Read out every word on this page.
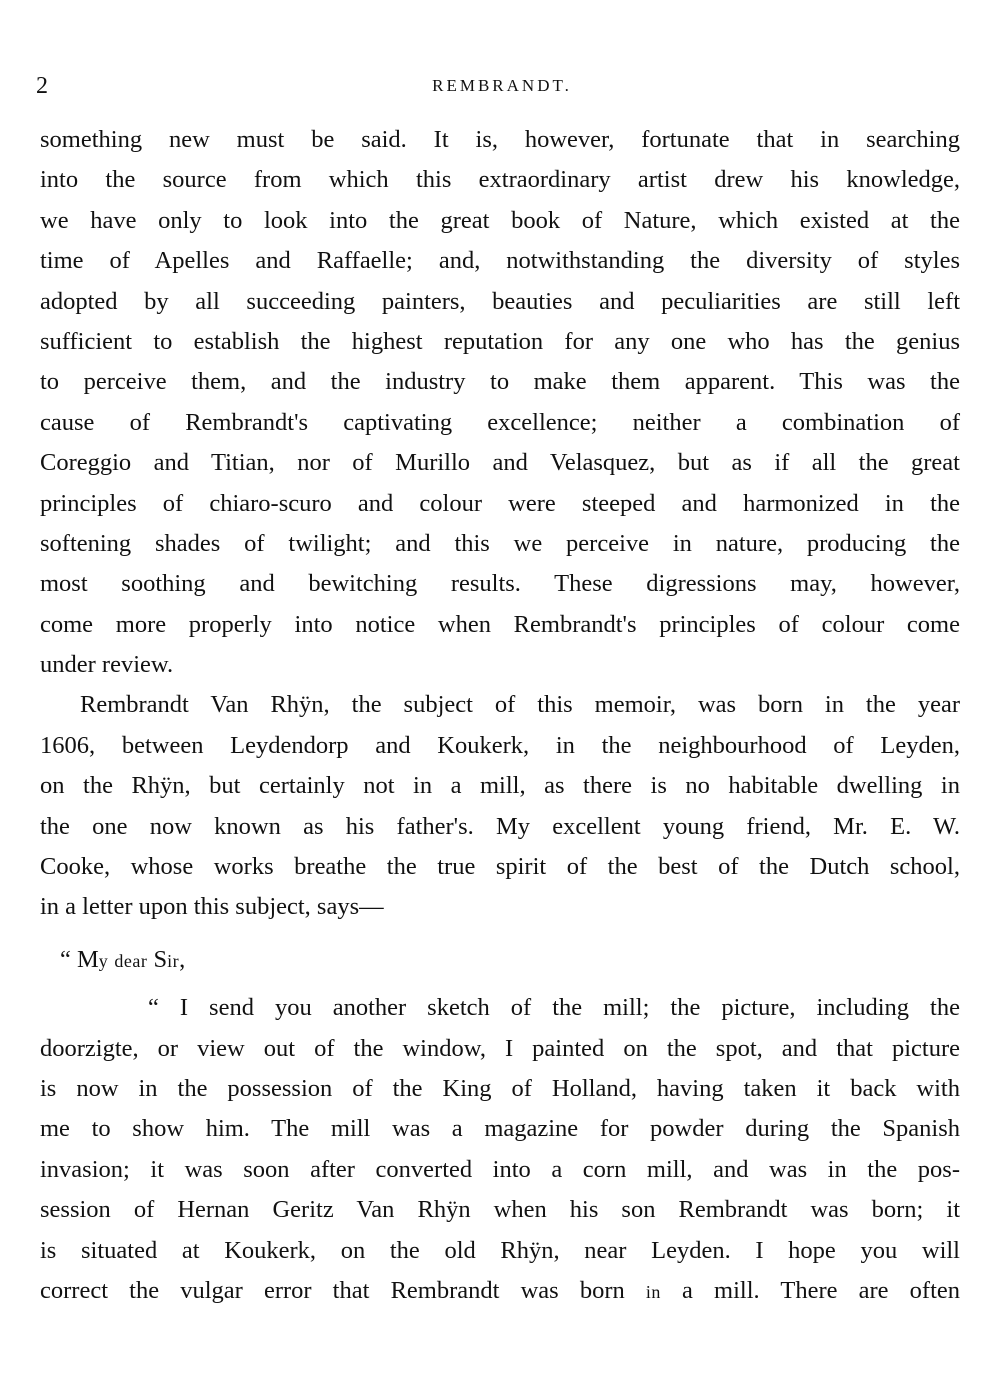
2	REMBRANDT.
something new must be said. It is, however, fortunate that in searching
into the source from which this extraordinary artist drew his knowledge,
we have only to look into the great book of Nature, which existed at the
time of Apelles and Raffaelle; and, notwithstanding the diversity of styles
adopted by all succeeding painters, beauties and peculiarities are still left
sufficient to establish the highest reputation for any one who has the genius
to perceive them, and the industry to make them apparent. This was the
cause of Rembrandt's captivating excellence; neither a combination of
Coreggio and Titian, nor of Murillo and Velasquez, but as if all the great
principles of chiaro-scuro and colour were steeped and harmonized in the
softening shades of twilight; and this we perceive in nature, producing the
most soothing and bewitching results. These digressions may, however,
come more properly into notice when Rembrandt's principles of colour come
under review.
Rembrandt Van Rhÿn, the subject of this memoir, was born in the year
1606, between Leydendorp and Koukerk, in the neighbourhood of Leyden,
on the Rhÿn, but certainly not in a mill, as there is no habitable dwelling in
the one now known as his father's. My excellent young friend, Mr. E. W.
Cooke, whose works breathe the true spirit of the best of the Dutch school,
in a letter upon this subject, says—
“ My dear Sir,
“ I send you another sketch of the mill; the picture, including the
doorzigte, or view out of the window, I painted on the spot, and that picture
is now in the possession of the King of Holland, having taken it back with
me to show him. The mill was a magazine for powder during the Spanish
invasion; it was soon after converted into a corn mill, and was in the pos-
session of Hernan Geritz Van Rhÿn when his son Rembrandt was born; it
is situated at Koukerk, on the old Rhÿn, near Leyden. I hope you will
correct the vulgar error that Rembrandt was born in a mill. There are often
